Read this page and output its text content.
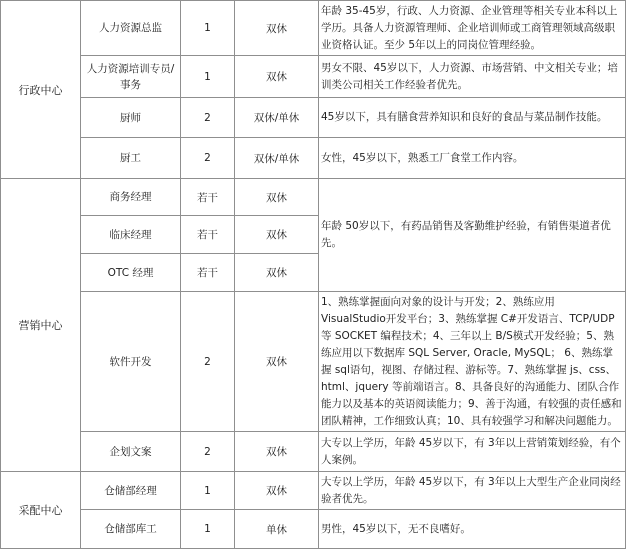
行政中心	人力资源总监	1	双休	年龄 35-45岁，行政、人力资源、企业管理等相关专业本科以上学历。具备人力资源管理师、企业培训师或工商管理领域高级职业资格认证。至少 5年以上的同岗位管理经验。
	人力资源培训专员/事务	1	双休	男女不限、45岁以下，人力资源、市场营销、中文相关专业；培训类公司相关工作经验者优先。
	厨师	2	双休/单休	45岁以下，具有膳食营养知识和良好的食品与菜品制作技能。
	厨工	2	双休/单休	女性，45岁以下，熟悉工厂食堂工作内容。
营销中心	商务经理	若干	双休	年龄 50岁以下，有药品销售及客勤维护经验，有销售渠道者优先。
	临床经理	若干	双休	
	OTC 经理	若干	双休	
	软件开发	2	双休	1、熟练掌握面向对象的设计与开发；2、熟练应用 VisualStudio开发平台；3、熟练掌握 C#开发语言、TCP/UDP 等 SOCKET 编程技术；4、三年以上 B/S模式开发经验；5、熟练应用以下数据库 SQL Server, Oracle, MySQL； 6、熟练掌握 sql语句，视图、存储过程、游标等。7、熟练掌握 js、css、html、jquery 等前端语言。8、具备良好的沟通能力、团队合作能力以及基本的英语阅读能力；9、善于沟通，有较强的责任感和团队精神，工作细致认真；10、具有较强学习和解决问题能力。
	企划文案	2	双休	大专以上学历，年龄 45岁以下，有 3年以上营销策划经验，有个人案例。
采配中心	仓储部经理	1	双休	大专以上学历，年龄 45岁以下，有 3年以上大型生产企业同岗经验者优先。
	仓储部库工	1	单休	男性，45岁以下，无不良嗜好。
